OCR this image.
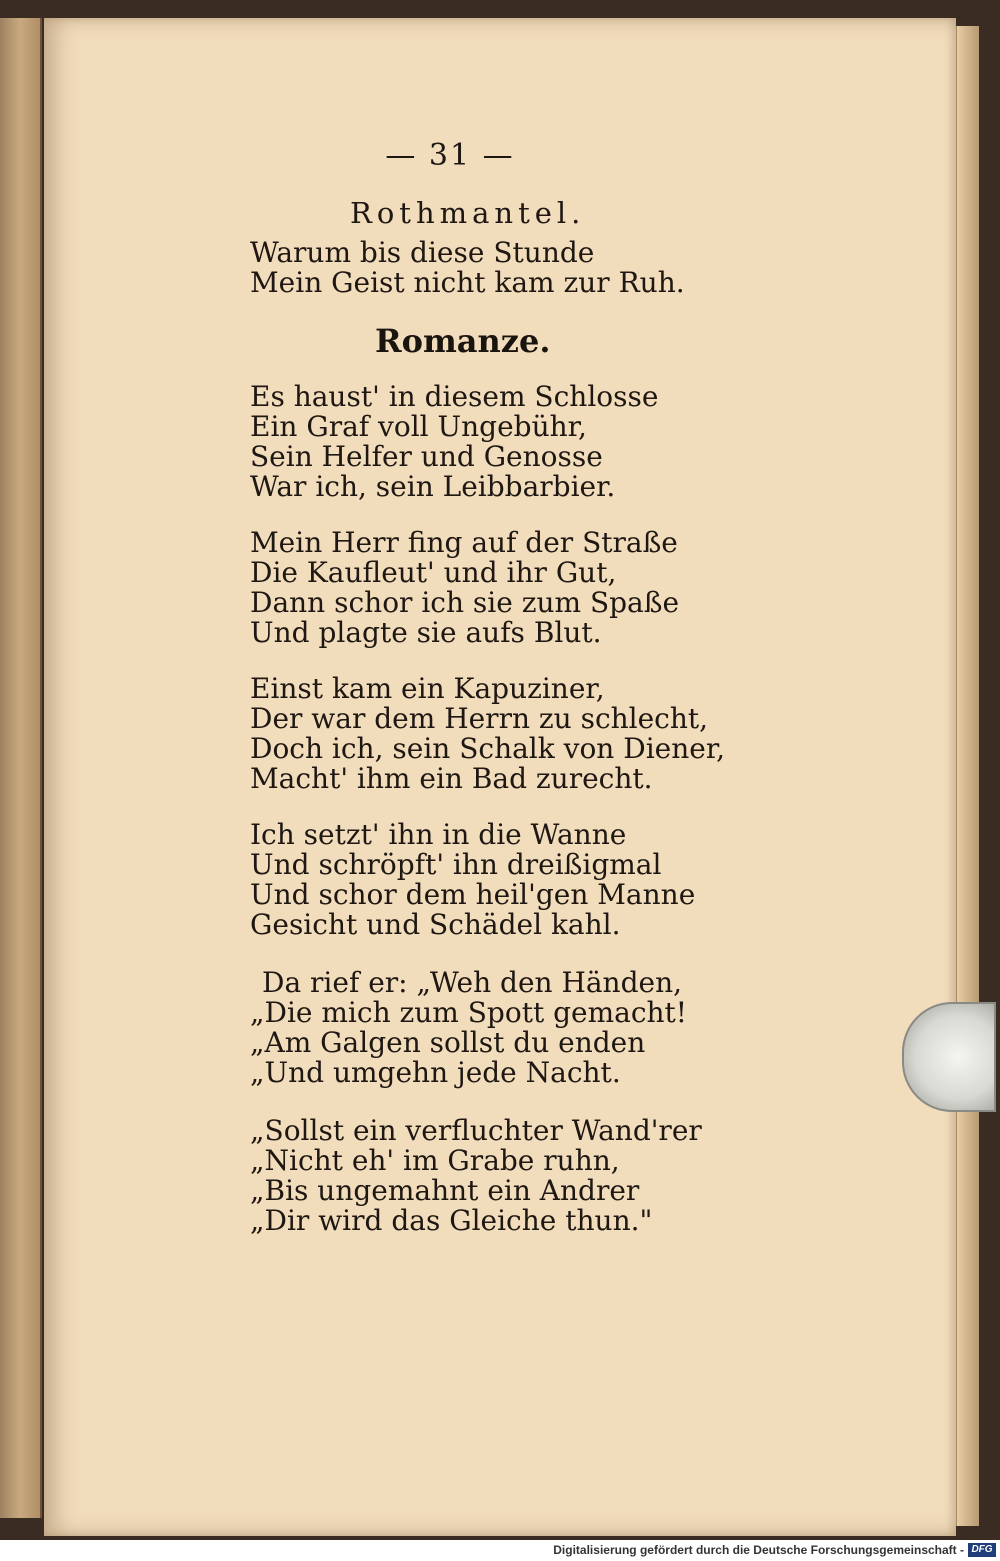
— 31 —
Rothmantel.
Warum bis diese Stunde
Mein Geist nicht kam zur Ruh.
Romanze.
Es haust' in diesem Schlosse
Ein Graf voll Ungebühr,
Sein Helfer und Genosse
War ich, sein Leibbarbier.
Mein Herr fing auf der Straße
Die Kaufleut' und ihr Gut,
Dann schor ich sie zum Spaße
Und plagte sie aufs Blut.
Einst kam ein Kapuziner,
Der war dem Herrn zu schlecht,
Doch ich, sein Schalk von Diener,
Macht' ihm ein Bad zurecht.
Ich setzt' ihn in die Wanne
Und schröpft' ihn dreißigmal
Und schor dem heil'gen Manne
Gesicht und Schädel kahl.
Da rief er: „Weh den Händen,
„Die mich zum Spott gemacht!
„Am Galgen sollst du enden
„Und umgehn jede Nacht.
„Sollst ein verfluchter Wand'rer
„Nicht eh' im Grabe ruhn,
„Bis ungemahnt ein Andrer
„Dir wird das Gleiche thun."
Digitalisierung gefördert durch die Deutsche Forschungsgemeinschaft - DFG
